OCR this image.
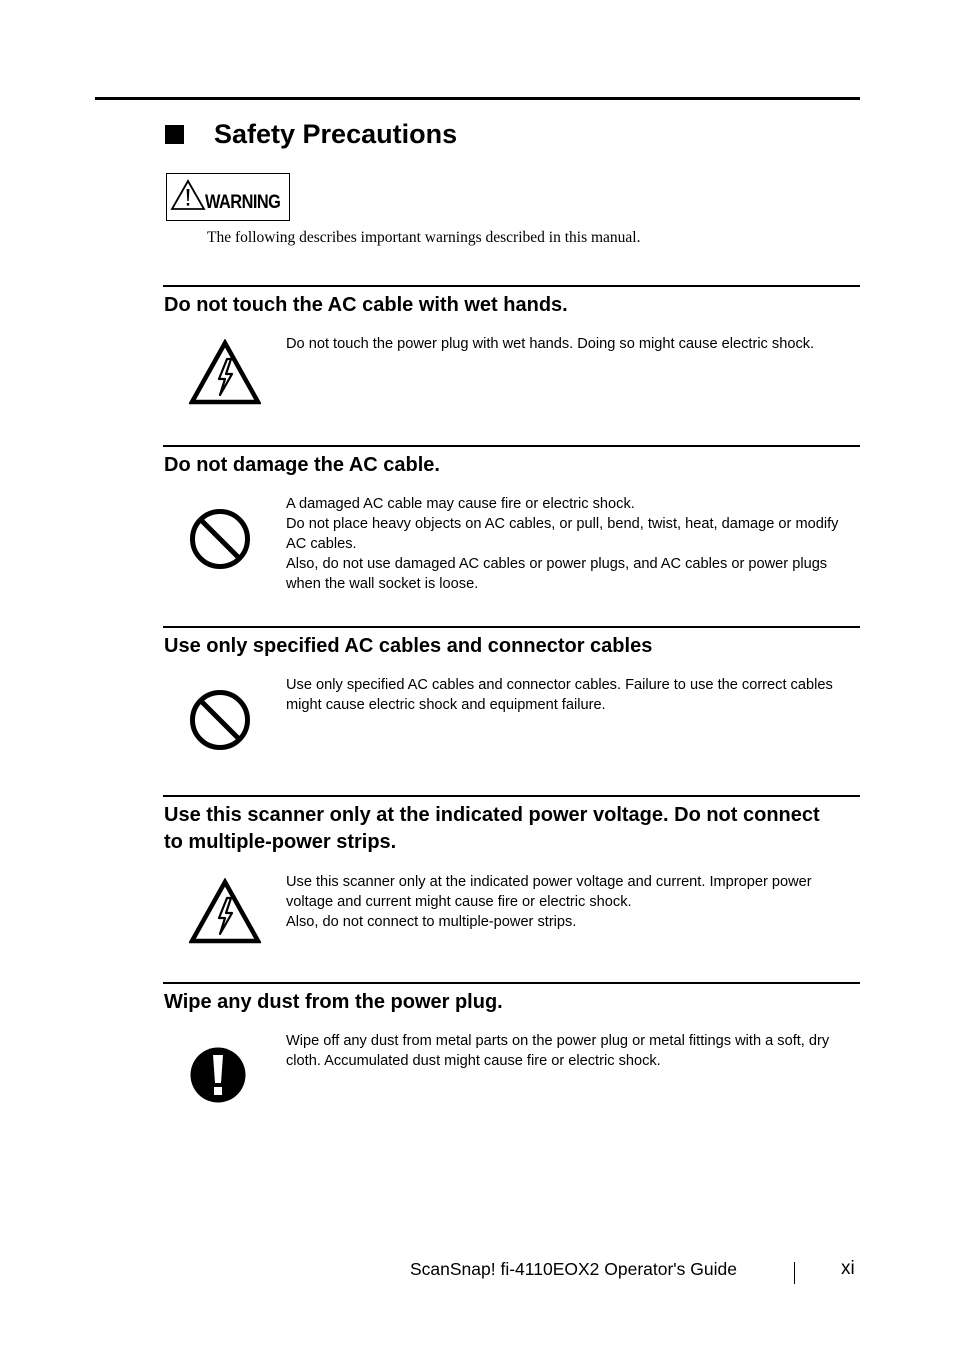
Safety Precautions
WARNING
The following describes important warnings described in this manual.
Do not touch the AC cable with wet hands.

Do not touch the power plug with wet hands. Doing so might cause electric shock.

Do not damage the AC cable.

A damaged AC cable may cause fire or electric shock.

Do not place heavy objects on AC cables, or pull, bend, twist, heat, damage or modify AC cables.

Also, do not use damaged AC cables or power plugs, and AC cables or power plugs when the wall socket is loose.

Use only specified AC cables and connector cables

Use only specified AC cables and connector cables. Failure to use the correct cables might cause electric shock and equipment failure.

Use this scanner only at the indicated power voltage. Do not connect to multiple-power strips.

Use this scanner only at the indicated power voltage and current. Improper power voltage and current might cause fire or electric shock.

Also, do not connect to multiple-power strips.

Wipe any dust from the power plug.

Wipe off any dust from metal parts on the power plug or metal fittings with a soft, dry cloth. Accumulated dust might cause fire or electric shock.

ScanSnap! fi-4110EOX2 Operator's Guide	xi
